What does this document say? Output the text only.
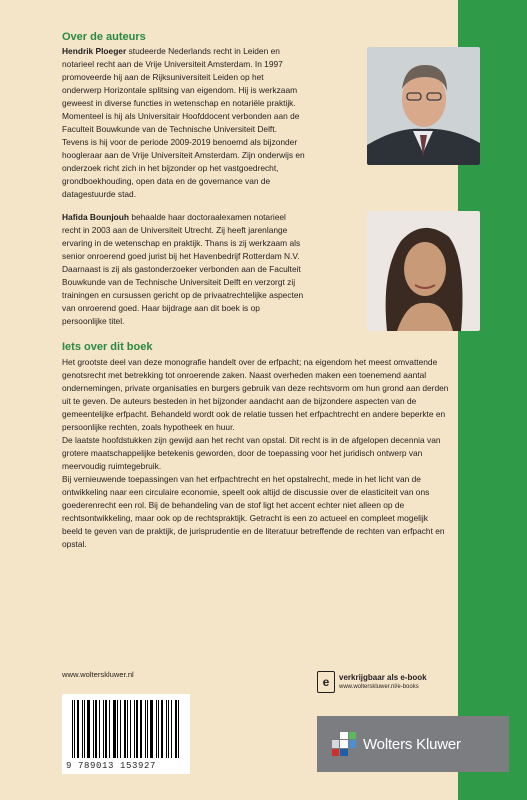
Over de auteurs

Hendrik Ploeger studeerde Nederlands recht in Leiden en notarieel recht aan de Vrije Universiteit Amsterdam. In 1997 promoveerde hij aan de Rijksuniversiteit Leiden op het onderwerp Horizontale splitsing van eigendom. Hij is werkzaam geweest in diverse functies in wetenschap en notariële praktijk. Momenteel is hij als Universitair Hoofddocent verbonden aan de Faculteit Bouwkunde van de Technische Universiteit Delft. Tevens is hij voor de periode 2009-2019 benoemd als bijzonder hoogleraar aan de Vrije Universiteit Amsterdam. Zijn onderwijs en onderzoek richt zich in het bijzonder op het vastgoedrecht, grondboekhouding, open data en de governance van de datagestuurde stad.

Hafida Bounjouh behaalde haar doctoraalexamen notarieel recht in 2003 aan de Universiteit Utrecht. Zij heeft jarenlange ervaring in de wetenschap en praktijk. Thans is zij werkzaam als senior onroerend goed jurist bij het Havenbedrijf Rotterdam N.V. Daarnaast is zij als gastonderzoeker verbonden aan de Faculteit Bouwkunde van de Technische Universiteit Delft en verzorgt zij trainingen en cursussen gericht op de privaatrechtelijke aspecten van onroerend goed. Haar bijdrage aan dit boek is op persoonlijke titel.

Iets over dit boek

Het grootste deel van deze monografie handelt over de erfpacht; na eigendom het meest omvattende genotsrecht met betrekking tot onroerende zaken. Naast overheden maken een toenemend aantal ondernemingen, private organisaties en burgers gebruik van deze rechtsvorm om hun grond aan derden uit te geven. De auteurs besteden in het bijzonder aandacht aan de bijzondere aspecten van de gemeentelijke erfpacht. Behandeld wordt ook de relatie tussen het erfpachtrecht en andere beperkte en persoonlijke rechten, zoals hypotheek en huur.

De laatste hoofdstukken zijn gewijd aan het recht van opstal. Dit recht is in de afgelopen decennia van grotere maatschappelijke betekenis geworden, door de toepassing voor het juridisch ontwerp van meervoudig ruimtegebruik.

Bij vernieuwende toepassingen van het erfpachtrecht en het opstalrecht, mede in het licht van de ontwikkeling naar een circulaire economie, speelt ook altijd de discussie over de elasticiteit van ons goederenrecht een rol. Bij de behandeling van de stof ligt het accent echter niet alleen op de rechtsontwikkeling, maar ook op de rechtspraktijk. Getracht is een zo actueel en compleet mogelijk beeld te geven van de praktijk, de jurisprudentie en de literatuur betreffende de rechten van erfpacht en opstal.

www.wolterskluwer.nl
e	verkrijgbaar als e-book
www.wolterskluwer.nl/e-books
9 789013 153927
Wolters Kluwer
